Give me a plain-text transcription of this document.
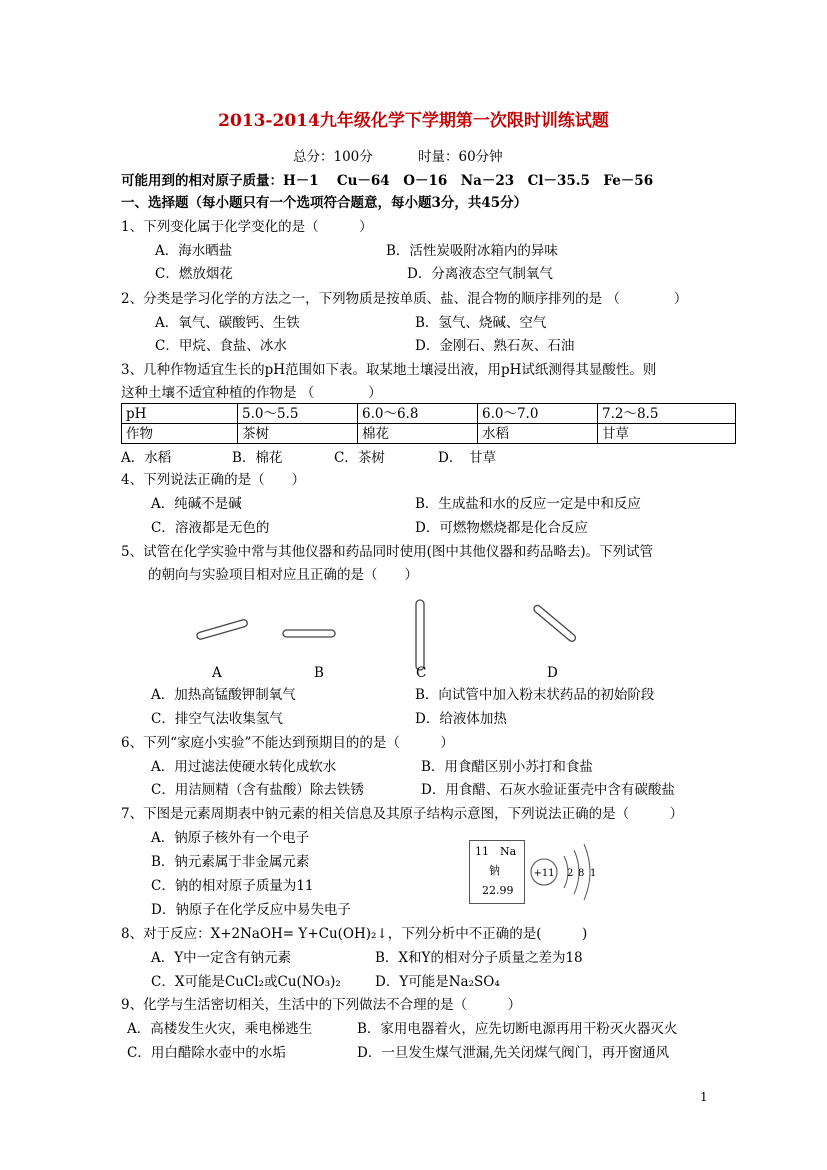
2013-2014九年级化学下学期第一次限时训练试题
总分：100分	时量：60分钟
可能用到的相对原子质量：H－1　 Cu－64　O－16　Na－23　Cl－35.5　Fe－56
一、选择题（每小题只有一个选项符合题意，每小题3分，共45分）
1、下列变化属于化学变化的是（　　　）
A．海水晒盐	B．活性炭吸附冰箱内的异味
C．燃放烟花	D．分离液态空气制氧气
2、分类是学习化学的方法之一，下列物质是按单质、盐、混合物的顺序排列的是 （　　　　）
A．氧气、碳酸钙、生铁	B．氢气、烧碱、空气
C．甲烷、食盐、冰水	D．金刚石、熟石灰、石油
3、几种作物适宜生长的pH范围如下表。取某地土壤浸出液，用pH试纸测得其显酸性。则
这种土壤不适宜种植的作物是 （　　　　）
pH	5.0～5.5	6.0～6.8	6.0～7.0	7.2～8.5
作物	茶树	棉花	水稻	甘草
A．水稻	B．棉花	C．茶树	D．　甘草
4、下列说法正确的是（　　）
A．纯碱不是碱	B．生成盐和水的反应一定是中和反应
C．溶液都是无色的	D．可燃物燃烧都是化合反应
5、试管在化学实验中常与其他仪器和药品同时使用(图中其他仪器和药品略去)。下列试管
的朝向与实验项目相对应且正确的是（　　）
A	B	C	D
A．加热高锰酸钾制氧气	B．向试管中加入粉末状药品的初始阶段
C．排空气法收集氢气	D．给液体加热
6、下列“家庭小实验”不能达到预期目的的是（　　　）
A．用过滤法使硬水转化成软水	B．用食醋区别小苏打和食盐
C．用洁厕精（含有盐酸）除去铁锈	D．用食醋、石灰水验证蛋壳中含有碳酸盐
7、下图是元素周期表中钠元素的相关信息及其原子结构示意图，下列说法正确的是（　　　）
A．钠原子核外有一个电子
B．钠元素属于非金属元素
C．钠的相对原子质量为11
D．钠原子在化学反应中易失电子
11 Na
钠
22.99
+11 2 8 1
8、对于反应：X+2NaOH= Y+Cu(OH)₂↓，下列分析中不正确的是(　　　)
A．Y中一定含有钠元素	B．X和Y的相对分子质量之差为18
C．X可能是CuCl₂或Cu(NO₃)₂	D．Y可能是Na₂SO₄
9、化学与生活密切相关，生活中的下列做法不合理的是（　　　）
A．高楼发生火灾，乘电梯逃生	B．家用电器着火，应先切断电源再用干粉灭火器灭火
C．用白醋除水壶中的水垢	D．一旦发生煤气泄漏,先关闭煤气阀门，再开窗通风
1
